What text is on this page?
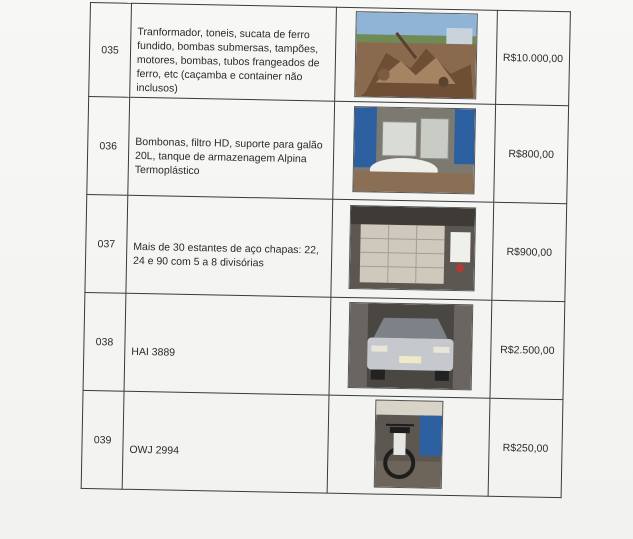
035	Tranformador, toneis, sucata de ferro fundido, bombas submersas, tampões, motores, bombas, tubos frangeados de ferro, etc (caçamba e container não inclusos)		R$10.000,00
036	Bombonas, filtro HD, suporte para galão 20L, tanque de armazenagem Alpina Termoplástico		R$800,00
037	Mais de 30 estantes de aço chapas: 22, 24 e 90 com 5 a 8 divisórias		R$900,00
038	HAI 3889		R$2.500,00
039	OWJ 2994		R$250,00
